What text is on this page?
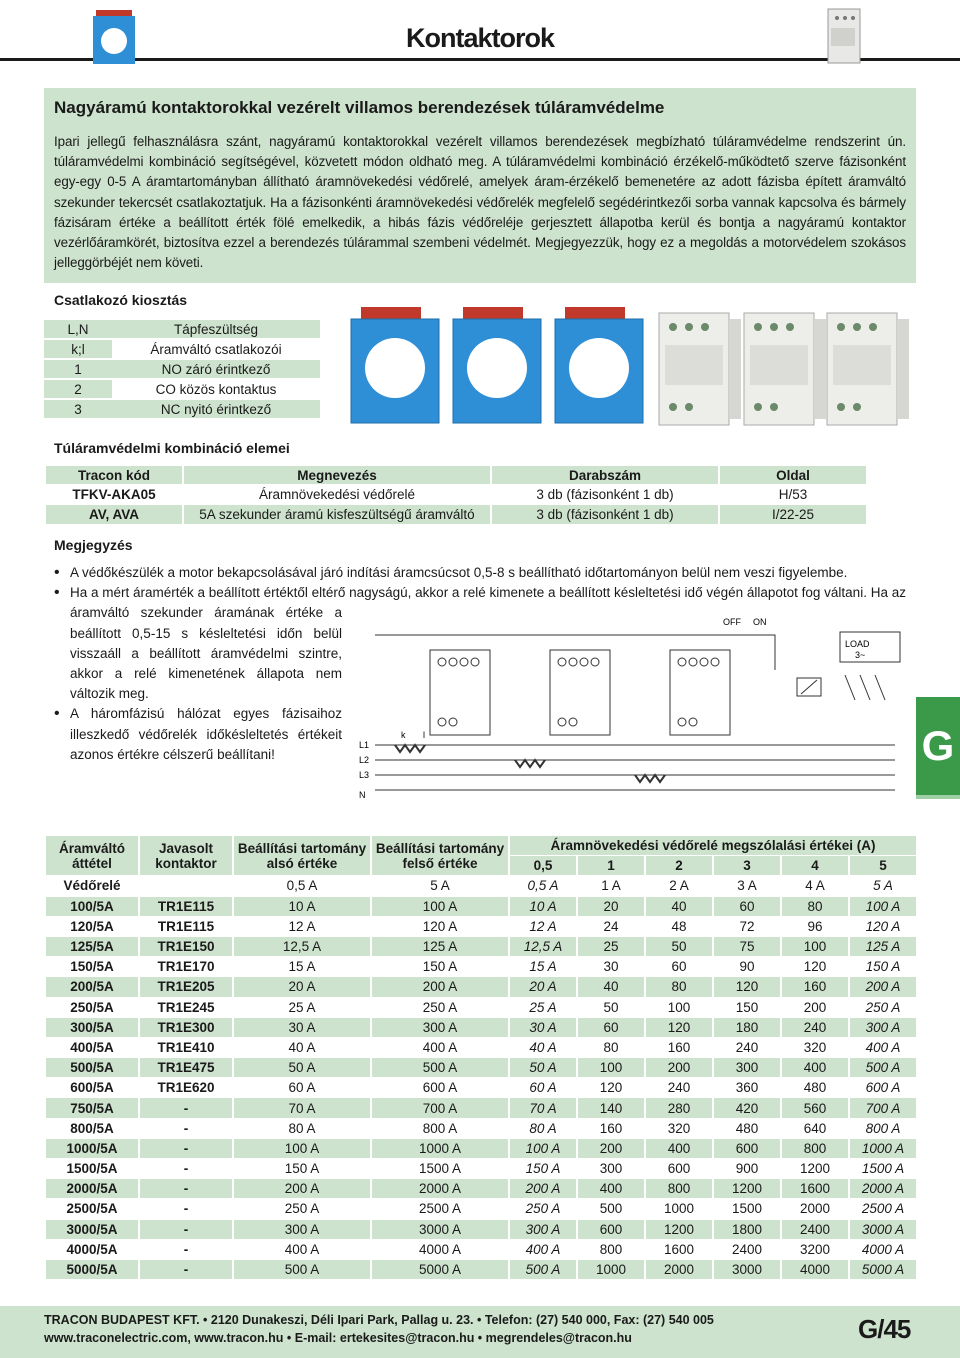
Kontaktorok
Nagyáramú kontaktorokkal vezérelt villamos berendezések túláramvédelme
Ipari jellegű felhasználásra szánt, nagyáramú kontaktorokkal vezérelt villamos berendezések megbízható túláramvédelme rendszerint ún. túláramvédelmi kombináció segítségével, közvetett módon oldható meg. A túláramvédelmi kombináció érzékelő-működtető szerve fázisonként egy-egy 0-5 A áramtartományban állítható áramnövekedési védőrelé, amelyek áram-érzékelő bemenetére az adott fázisba épített áramváltó szekunder tekercsét csatlakoztatjuk. Ha a fázisonkénti áramnövekedési védőrelék megfelelő segédérintkezői sorba vannak kapcsolva és bármely fázisáram értéke a beállított érték fölé emelkedik, a hibás fázis védőreléje gerjesztett állapotba kerül és bontja a nagyáramú kontaktor vezérlőáramkörét, biztosítva ezzel a berendezés túlárammal szembeni védelmét. Megjegyezzük, hogy ez a megoldás a motorvédelem szokásos jelleggörbéjét nem követi.
Csatlakozó kiosztás
L,N	Tápfeszültség
k;l	Áramváltó csatlakozói
1	NO záró érintkező
2	CO közös kontaktus
3	NC nyitó érintkező
Túláramvédelmi kombináció elemei
Tracon kód	Megnevezés	Darabszám	Oldal
TFKV-AKA05	Áramnövekedési védőrelé	3 db (fázisonként 1 db)	H/53
AV, AVA	5A szekunder áramú kisfeszültségű áramváltó	3 db (fázisonként 1 db)	I/22-25
Megjegyzés
• A védőkészülék a motor bekapcsolásával járó indítási áramcsúcsot 0,5-8 s beállítható időtartományon belül nem veszi figyelembe.
• Ha a mért áramérték a beállított értéktől eltérő nagyságú, akkor a relé kimenete a beállított késleltetési idő végén állapotot fog váltani. Ha az
áramváltó szekunder áramának értéke a beállított 0,5-15 s késleltetési időn belül visszaáll a beállított áramvédelmi szintre, akkor a relé kimenetének állapota nem változik meg.
• A háromfázisú hálózat egyes fázisaihoz illeszkedő védőrelék időkésleltetés értékeit azonos értékre célszerű beállítani!
L1
L2
L3
N
k l
OFF ON
LOAD
3~
Áramváltó áttétel	Javasolt kontaktor	Beállítási tartomány alsó értéke	Beállítási tartomány felső értéke	Áramnövekedési védőrelé megszólalási értékei (A)					

				0,5	1	2	3	4	5
Védőrelé		0,5 A	5 A	0,5 A	1 A	2 A	3 A	4 A	5 A
100/5A	TR1E115	10 A	100 A	10 A	20	40	60	80	100 A
120/5A	TR1E115	12 A	120 A	12 A	24	48	72	96	120 A
125/5A	TR1E150	12,5 A	125 A	12,5 A	25	50	75	100	125 A
150/5A	TR1E170	15 A	150 A	15 A	30	60	90	120	150 A
200/5A	TR1E205	20 A	200 A	20 A	40	80	120	160	200 A
250/5A	TR1E245	25 A	250 A	25 A	50	100	150	200	250 A
300/5A	TR1E300	30 A	300 A	30 A	60	120	180	240	300 A
400/5A	TR1E410	40 A	400 A	40 A	80	160	240	320	400 A
500/5A	TR1E475	50 A	500 A	50 A	100	200	300	400	500 A
600/5A	TR1E620	60 A	600 A	60 A	120	240	360	480	600 A
750/5A	-	70 A	700 A	70 A	140	280	420	560	700 A
800/5A	-	80 A	800 A	80 A	160	320	480	640	800 A
1000/5A	-	100 A	1000 A	100 A	200	400	600	800	1000 A
1500/5A	-	150 A	1500 A	150 A	300	600	900	1200	1500 A
2000/5A	-	200 A	2000 A	200 A	400	800	1200	1600	2000 A
2500/5A	-	250 A	2500 A	250 A	500	1000	1500	2000	2500 A
3000/5A	-	300 A	3000 A	300 A	600	1200	1800	2400	3000 A
4000/5A	-	400 A	4000 A	400 A	800	1600	2400	3200	4000 A
5000/5A	-	500 A	5000 A	500 A	1000	2000	3000	4000	5000 A
G
TRACON BUDAPEST KFT. • 2120 Dunakeszi, Déli Ipari Park, Pallag u. 23. • Telefon: (27) 540 000, Fax: (27) 540 005
www.traconelectric.com, www.tracon.hu • E-mail: ertekesites@tracon.hu • megrendeles@tracon.hu	G/45
